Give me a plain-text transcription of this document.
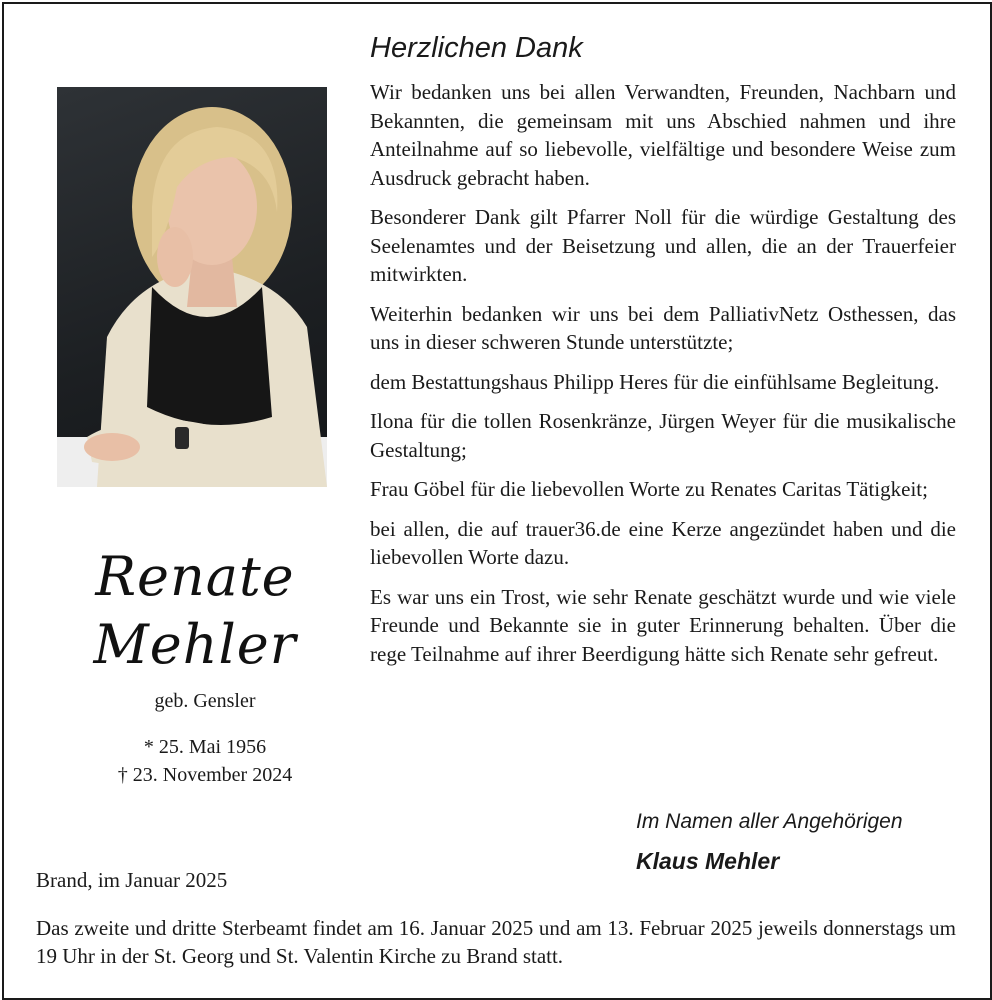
Renate
Mehler
geb. Gensler
* 25. Mai 1956
† 23. November 2024
Herzlichen Dank

Wir bedanken uns bei allen Verwandten, Freunden, Nachbarn und Bekannten, die gemeinsam mit uns Abschied nahmen und ihre Anteilnahme auf so liebevolle, vielfältige und besondere Weise zum Ausdruck gebracht haben.

Besonderer Dank gilt Pfarrer Noll für die würdige Gestaltung des Seelenamtes und der Beisetzung und allen, die an der Trauerfeier mitwirkten.

Weiterhin bedanken wir uns bei dem PalliativNetz Osthessen, das uns in dieser schweren Stunde unterstützte;

dem Bestattungshaus Philipp Heres für die einfühlsame Begleitung.

Ilona für die tollen Rosenkränze, Jürgen Weyer für die musikalische Gestaltung;

Frau Göbel für die liebevollen Worte zu Renates Caritas Tätigkeit;

bei allen, die auf trauer36.de eine Kerze angezündet haben und die liebevollen Worte dazu.

Es war uns ein Trost, wie sehr Renate geschätzt wurde und wie viele Freunde und Bekannte sie in guter Erinnerung behalten. Über die rege Teilnahme auf ihrer Beerdigung hätte sich Renate sehr gefreut.

Im Namen aller Angehörigen
Klaus Mehler
Brand, im Januar 2025
Das zweite und dritte Sterbeamt findet am 16. Januar 2025 und am 13. Februar 2025 jeweils donnerstags um 19 Uhr in der St. Georg und St. Valentin Kirche zu Brand statt.
